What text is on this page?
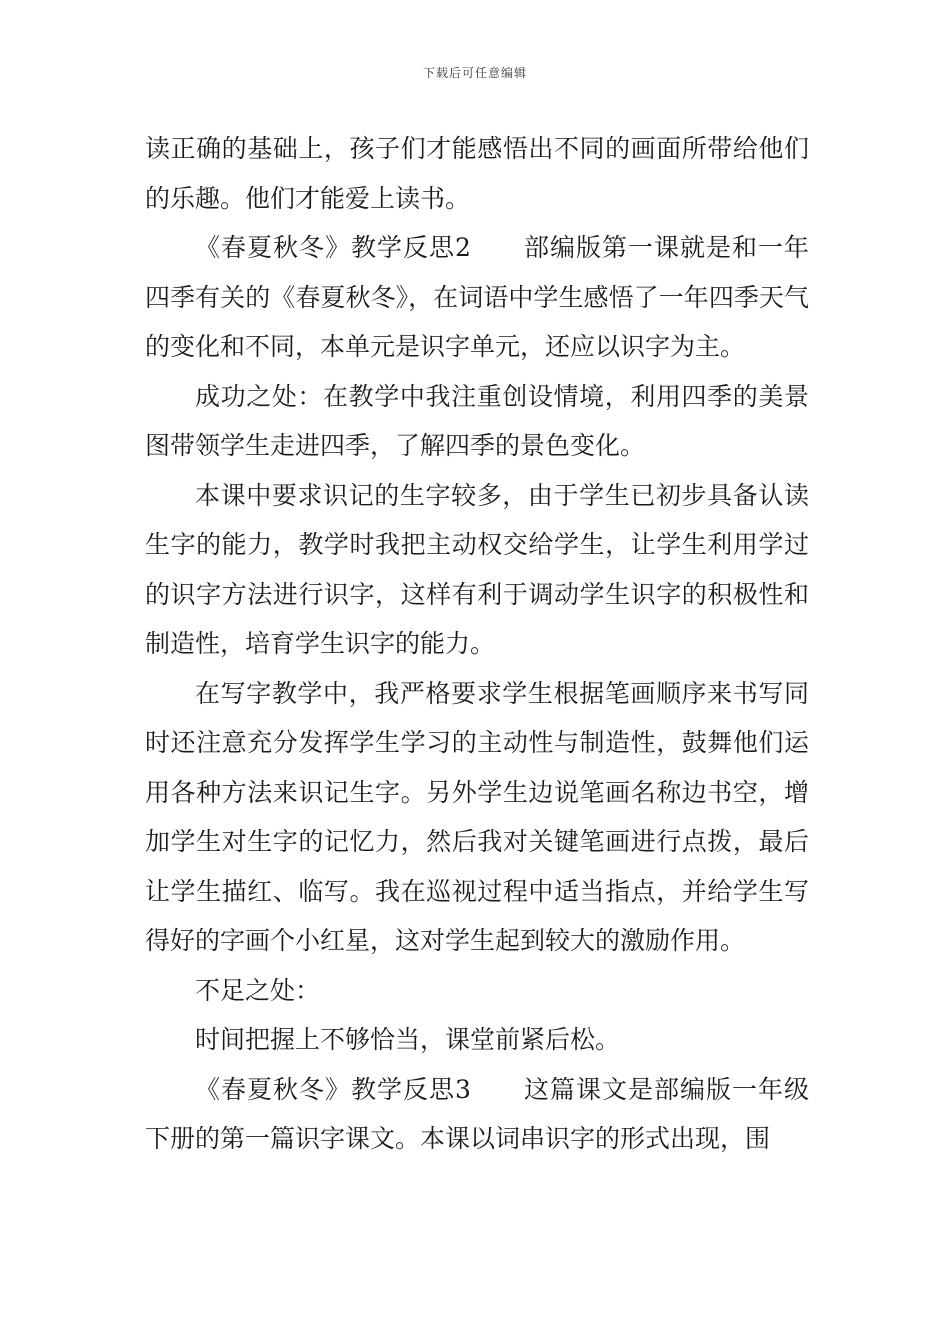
下载后可任意编辑

读正确的基础上，孩子们才能感悟出不同的画面所带给他们的乐趣。他们才能爱上读书。

《春夏秋冬》教学反思2　　部编版第一课就是和一年四季有关的《春夏秋冬》，在词语中学生感悟了一年四季天气的变化和不同，本单元是识字单元，还应以识字为主。

成功之处：在教学中我注重创设情境，利用四季的美景图带领学生走进四季，了解四季的景色变化。

本课中要求识记的生字较多，由于学生已初步具备认读生字的能力，教学时我把主动权交给学生，让学生利用学过的识字方法进行识字，这样有利于调动学生识字的积极性和制造性，培育学生识字的能力。

在写字教学中，我严格要求学生根据笔画顺序来书写同时还注意充分发挥学生学习的主动性与制造性，鼓舞他们运用各种方法来识记生字。另外学生边说笔画名称边书空，增加学生对生字的记忆力，然后我对关键笔画进行点拨，最后让学生描红、临写。我在巡视过程中适当指点，并给学生写得好的字画个小红星，这对学生起到较大的激励作用。

不足之处：

时间把握上不够恰当，课堂前紧后松。

《春夏秋冬》教学反思3　　这篇课文是部编版一年级下册的第一篇识字课文。本课以词串识字的形式出现，围
